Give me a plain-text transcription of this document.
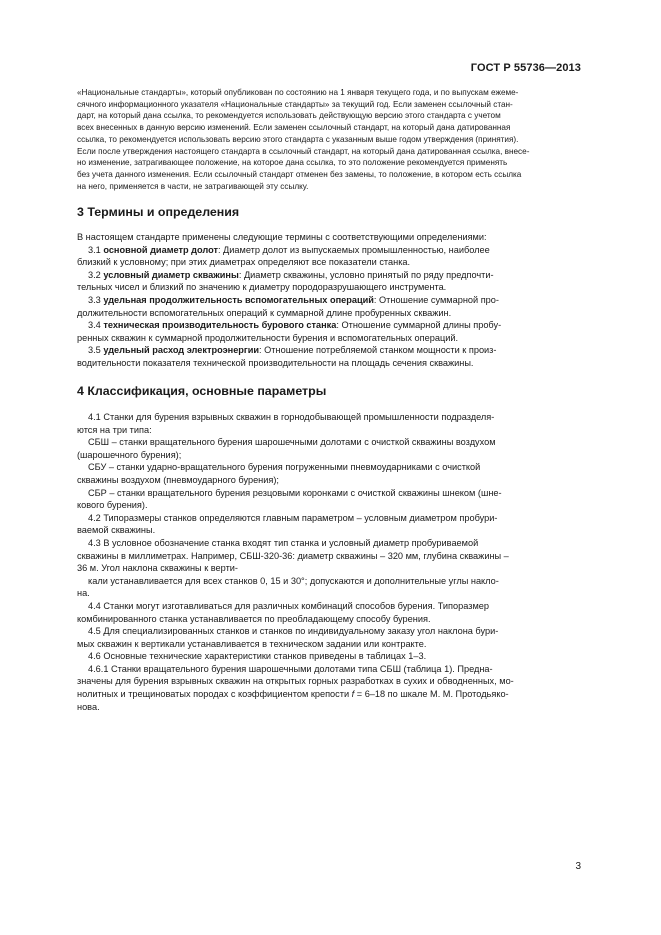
ГОСТ Р 55736—2013
«Национальные стандарты», который опубликован по состоянию на 1 января текущего года, и по выпускам ежеме-
сячного информационного указателя «Национальные стандарты» за текущий год. Если заменен ссылочный стан-
дарт, на который дана ссылка, то рекомендуется использовать действующую версию этого стандарта с учетом
всех внесенных в данную версию изменений. Если заменен ссылочный стандарт, на который дана датированная
ссылка, то рекомендуется использовать версию этого стандарта с указанным выше годом утверждения (принятия).
Если после утверждения настоящего стандарта в ссылочный стандарт, на который дана датированная ссылка, внесе-
но изменение, затрагивающее положение, на которое дана ссылка, то это положение рекомендуется применять
без учета данного изменения. Если ссылочный стандарт отменен без замены, то положение, в котором есть ссылка
на него, применяется в части, не затрагивающей эту ссылку.
3 Термины и определения
В настоящем стандарте применены следующие термины с соответствующими определениями:
3.1 основной диаметр долот: Диаметр долот из выпускаемых промышленностью, наиболее
близкий к условному; при этих диаметрах определяют все показатели станка.
3.2 условный диаметр скважины: Диаметр скважины, условно принятый по ряду предпочти-
тельных чисел и близкий по значению к диаметру породоразрушающего инструмента.
3.3 удельная продолжительность вспомогательных операций: Отношение суммарной про-
должительности вспомогательных операций к суммарной длине пробуренных скважин.
3.4 техническая производительность бурового станка: Отношение суммарной длины пробу-
ренных скважин к суммарной продолжительности бурения и вспомогательных операций.
3.5 удельный расход электроэнергии: Отношение потребляемой станком мощности к произ-
водительности показателя технической производительности на площадь сечения скважины.
4 Классификация, основные параметры
4.1 Станки для бурения взрывных скважин в горнодобывающей промышленности подразделя-
ются на три типа:
СБШ – станки вращательного бурения шарошечными долотами с очисткой скважины воздухом
(шарошечного бурения);
СБУ – станки ударно-вращательного бурения погруженными пневмоударниками с очисткой
скважины воздухом (пневмоударного бурения);
СБР – станки вращательного бурения резцовыми коронками с очисткой скважины шнеком (шне-
кового бурения).
4.2 Типоразмеры станков определяются главным параметром – условным диаметром пробури-
ваемой скважины.
4.3 В условное обозначение станка входят тип станка и условный диаметр пробуриваемой
скважины в миллиметрах. Например, СБШ-320-36: диаметр скважины – 320 мм, глубина скважины –
36 м. Угол наклона скважины к верти-
кали устанавливается для всех станков 0, 15 и 30°; допускаются и дополнительные углы накло-
на.
4.4 Станки могут изготавливаться для различных комбинаций способов бурения. Типоразмер
комбинированного станка устанавливается по преобладающему способу бурения.
4.5 Для специализированных станков и станков по индивидуальному заказу угол наклона бури-
мых скважин к вертикали устанавливается в техническом задании или контракте.
4.6 Основные технические характеристики станков приведены в таблицах 1–3.
4.6.1 Станки вращательного бурения шарошечными долотами типа СБШ (таблица 1). Предна-
значены для бурения взрывных скважин на открытых горных разработках в сухих и обводненных, мо-
нолитных и трещиноватых породах с коэффициентом крепости f = 6–18 по шкале М. М. Протодьяко-
нова.
3
